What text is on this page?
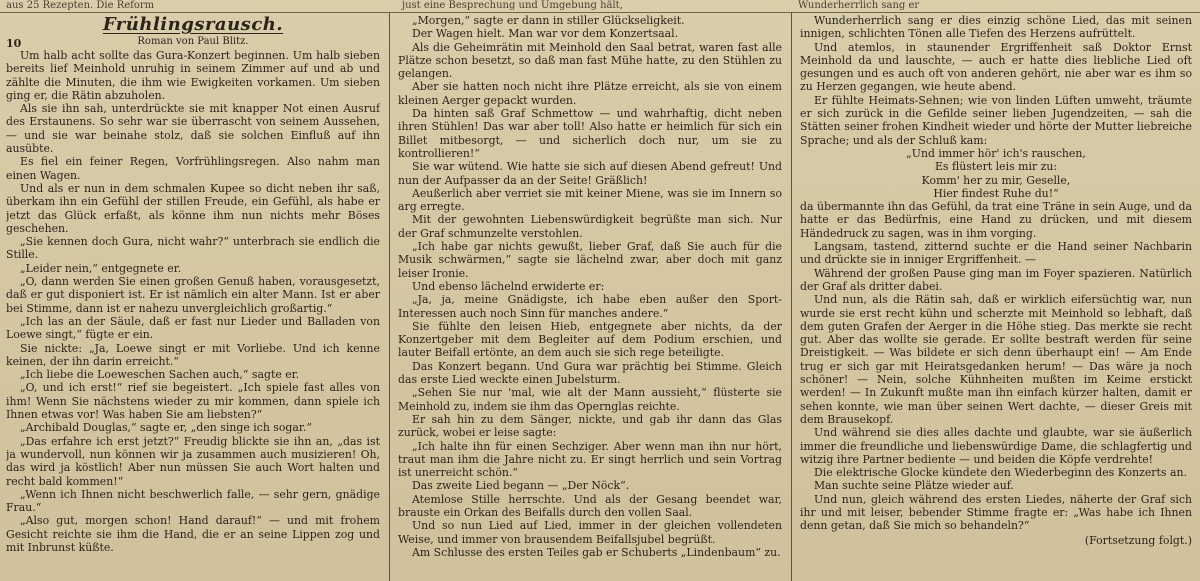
aus 25 Rezepten. Die Reform	just eine Besprechung und Umgebung hält,	Wunderherrlich sang er
Frühlingsrausch.
Roman von Paul Blitz.
10

Um halb acht sollte das Gura-Konzert beginnen. Um halb sieben bereits lief Meinhold unruhig in seinem Zimmer auf und ab und zählte die Minuten, die ihm wie Ewigkeiten vorkamen. Um sieben ging er, die Rätin abzuholen.

Als sie ihn sah, unterdrückte sie mit knapper Not einen Ausruf des Erstaunens. So sehr war sie überrascht von seinem Aussehen, — und sie war beinahe stolz, daß sie solchen Einfluß auf ihn ausübte.

Es fiel ein feiner Regen, Vorfrühlingsregen. Also nahm man einen Wagen.

Und als er nun in dem schmalen Kupee so dicht neben ihr saß, überkam ihn ein Gefühl der stillen Freude, ein Gefühl, als habe er jetzt das Glück erfaßt, als könne ihm nun nichts mehr Böses geschehen.

„Sie kennen doch Gura, nicht wahr?“ unterbrach sie endlich die Stille.

„Leider nein,“ entgegnete er.

„O, dann werden Sie einen großen Genuß haben, vorausgesetzt, daß er gut disponiert ist. Er ist nämlich ein alter Mann. Ist er aber bei Stimme, dann ist er nahezu unvergleichlich großartig.“

„Ich las an der Säule, daß er fast nur Lieder und Balladen von Loewe singt,“ fügte er ein.

Sie nickte: „Ja, Loewe singt er mit Vorliebe. Und ich kenne keinen, der ihn darin erreicht.“

„Ich liebe die Loeweschen Sachen auch,“ sagte er.

„O, und ich erst!“ rief sie begeistert. „Ich spiele fast alles von ihm! Wenn Sie nächstens wieder zu mir kommen, dann spiele ich Ihnen etwas vor! Was haben Sie am liebsten?“

„Archibald Douglas,“ sagte er, „den singe ich sogar.“

„Das erfahre ich erst jetzt?“ Freudig blickte sie ihn an, „das ist ja wundervoll, nun können wir ja zusammen auch musizieren! Oh, das wird ja köstlich! Aber nun müssen Sie auch Wort halten und recht bald kommen!“

„Wenn ich Ihnen nicht beschwerlich falle, — sehr gern, gnädige Frau.“

„Also gut, morgen schon! Hand darauf!“ — und mit frohem Gesicht reichte sie ihm die Hand, die er an seine Lippen zog und mit Inbrunst küßte.

„Morgen,“ sagte er dann in stiller Glückseligkeit.

Der Wagen hielt. Man war vor dem Konzertsaal.

Als die Geheimrätin mit Meinhold den Saal betrat, waren fast alle Plätze schon besetzt, so daß man fast Mühe hatte, zu den Stühlen zu gelangen.

Aber sie hatten noch nicht ihre Plätze erreicht, als sie von einem kleinen Aerger gepackt wurden.

Da hinten saß Graf Schmettow — und wahrhaftig, dicht neben ihren Stühlen! Das war aber toll! Also hatte er heimlich für sich ein Billet mitbesorgt, — und sicherlich doch nur, um sie zu kontrollieren!“

Sie war wütend. Wie hatte sie sich auf diesen Abend gefreut! Und nun der Aufpasser da an der Seite! Gräßlich!

Aeußerlich aber verriet sie mit keiner Miene, was sie im Innern so arg erregte.

Mit der gewohnten Liebenswürdigkeit begrüßte man sich. Nur der Graf schmunzelte verstohlen.

„Ich habe gar nichts gewußt, lieber Graf, daß Sie auch für die Musik schwärmen,“ sagte sie lächelnd zwar, aber doch mit ganz leiser Ironie.

Und ebenso lächelnd erwiderte er:

„Ja, ja, meine Gnädigste, ich habe eben außer den Sport-Interessen auch noch Sinn für manches andere.“

Sie fühlte den leisen Hieb, entgegnete aber nichts, da der Konzertgeber mit dem Begleiter auf dem Podium erschien, und lauter Beifall ertönte, an dem auch sie sich rege beteiligte.

Das Konzert begann. Und Gura war prächtig bei Stimme. Gleich das erste Lied weckte einen Jubelsturm.

„Sehen Sie nur 'mal, wie alt der Mann aussieht,“ flüsterte sie Meinhold zu, indem sie ihm das Opernglas reichte.

Er sah hin zu dem Sänger, nickte, und gab ihr dann das Glas zurück, wobei er leise sagte:

„Ich halte ihn für einen Sechziger. Aber wenn man ihn nur hört, traut man ihm die Jahre nicht zu. Er singt herrlich und sein Vortrag ist unerreicht schön.“

Das zweite Lied begann — „Der Nöck“.

Atemlose Stille herrschte. Und als der Gesang beendet war, brauste ein Orkan des Beifalls durch den vollen Saal.

Und so nun Lied auf Lied, immer in der gleichen vollendeten Weise, und immer von brausendem Beifallsjubel begrüßt.

Am Schlusse des ersten Teiles gab er Schuberts „Lindenbaum“ zu.

Wunderherrlich sang er dies einzig schöne Lied, das mit seinen innigen, schlichten Tönen alle Tiefen des Herzens aufrüttelt.

Und atemlos, in staunender Ergriffenheit saß Doktor Ernst Meinhold da und lauschte, — auch er hatte dies liebliche Lied oft gesungen und es auch oft von anderen gehört, nie aber war es ihm so zu Herzen gegangen, wie heute abend.

Er fühlte Heimats-Sehnen; wie von linden Lüften umweht, träumte er sich zurück in die Gefilde seiner lieben Jugendzeiten, — sah die Stätten seiner frohen Kindheit wieder und hörte der Mutter liebreiche Sprache; und als der Schluß kam:

„Und immer hör' ich's rauschen,

Es flüstert leis mir zu:

Komm' her zu mir, Geselle,

Hier findest Ruhe du!“

da übermannte ihn das Gefühl, da trat eine Träne in sein Auge, und da hatte er das Bedürfnis, eine Hand zu drücken, und mit diesem Händedruck zu sagen, was in ihm vorging.

Langsam, tastend, zitternd suchte er die Hand seiner Nachbarin und drückte sie in inniger Ergriffenheit. —

Während der großen Pause ging man im Foyer spazieren. Natürlich der Graf als dritter dabei.

Und nun, als die Rätin sah, daß er wirklich eifersüchtig war, nun wurde sie erst recht kühn und scherzte mit Meinhold so lebhaft, daß dem guten Grafen der Aerger in die Höhe stieg. Das merkte sie recht gut. Aber das wollte sie gerade. Er sollte bestraft werden für seine Dreistigkeit. — Was bildete er sich denn überhaupt ein! — Am Ende trug er sich gar mit Heiratsgedanken herum! — Das wäre ja noch schöner! — Nein, solche Kühnheiten mußten im Keime erstickt werden! — In Zukunft mußte man ihn einfach kürzer halten, damit er sehen konnte, wie man über seinen Wert dachte, — dieser Greis mit dem Brausekopf.

Und während sie dies alles dachte und glaubte, war sie äußerlich immer die freundliche und liebenswürdige Dame, die schlagfertig und witzig ihre Partner bediente — und beiden die Köpfe verdrehte!

Die elektrische Glocke kündete den Wiederbeginn des Konzerts an.

Man suchte seine Plätze wieder auf.

Und nun, gleich während des ersten Liedes, näherte der Graf sich ihr und mit leiser, bebender Stimme fragte er: „Was habe ich Ihnen denn getan, daß Sie mich so behandeln?“

(Fortsetzung folgt.)
